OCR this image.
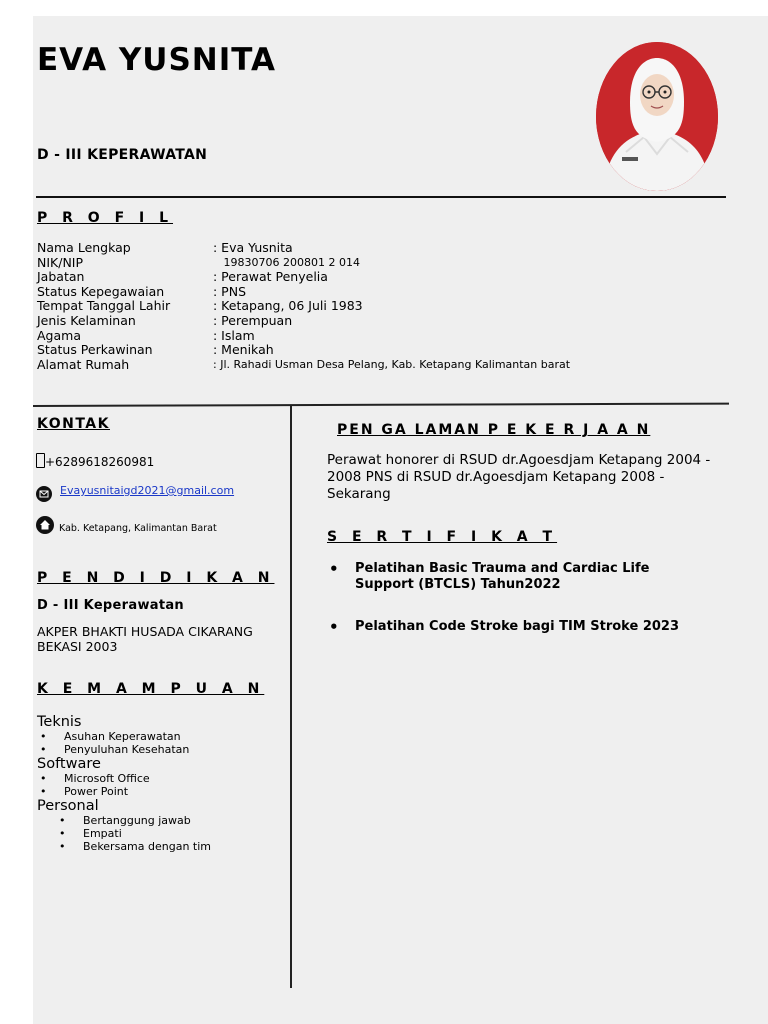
EVA YUSNITA
D - III KEPERAWATAN
P R O F I L
Nama Lengkap	: Eva Yusnita
NIK/NIP	19830706 200801 2 014
Jabatan	: Perawat Penyelia
Status Kepegawaian	: PNS
Tempat Tanggal Lahir	: Ketapang, 06 Juli 1983
Jenis Kelaminan	: Perempuan
Agama	: Islam
Status Perkawinan	: Menikah
Alamat Rumah	: Jl. Rahadi Usman Desa Pelang, Kab. Ketapang Kalimantan barat
KONTAK
+6289618260981
Evayusnitaigd2021@gmail.com
Kab. Ketapang, Kalimantan Barat
P E N D I D I K A N
D - III Keperawatan
AKPER BHAKTI HUSADA CIKARANG BEKASI 2003
K E M A M P U A N
Teknis
• Asuhan Keperawatan
• Penyuluhan Kesehatan
Software
• Microsoft Office
• Power Point
Personal
• Bertanggung jawab
• Empati
• Bekersama dengan tim
PEN GA LAMAN P E K E R J A A N
Perawat honorer di RSUD dr.Agoesdjam Ketapang 2004 - 2008 PNS di RSUD dr.Agoesdjam Ketapang 2008 - Sekarang
S E R T I F I K A T
• Pelatihan Basic Trauma and Cardiac Life Support (BTCLS) Tahun2022
• Pelatihan Code Stroke bagi TIM Stroke 2023
